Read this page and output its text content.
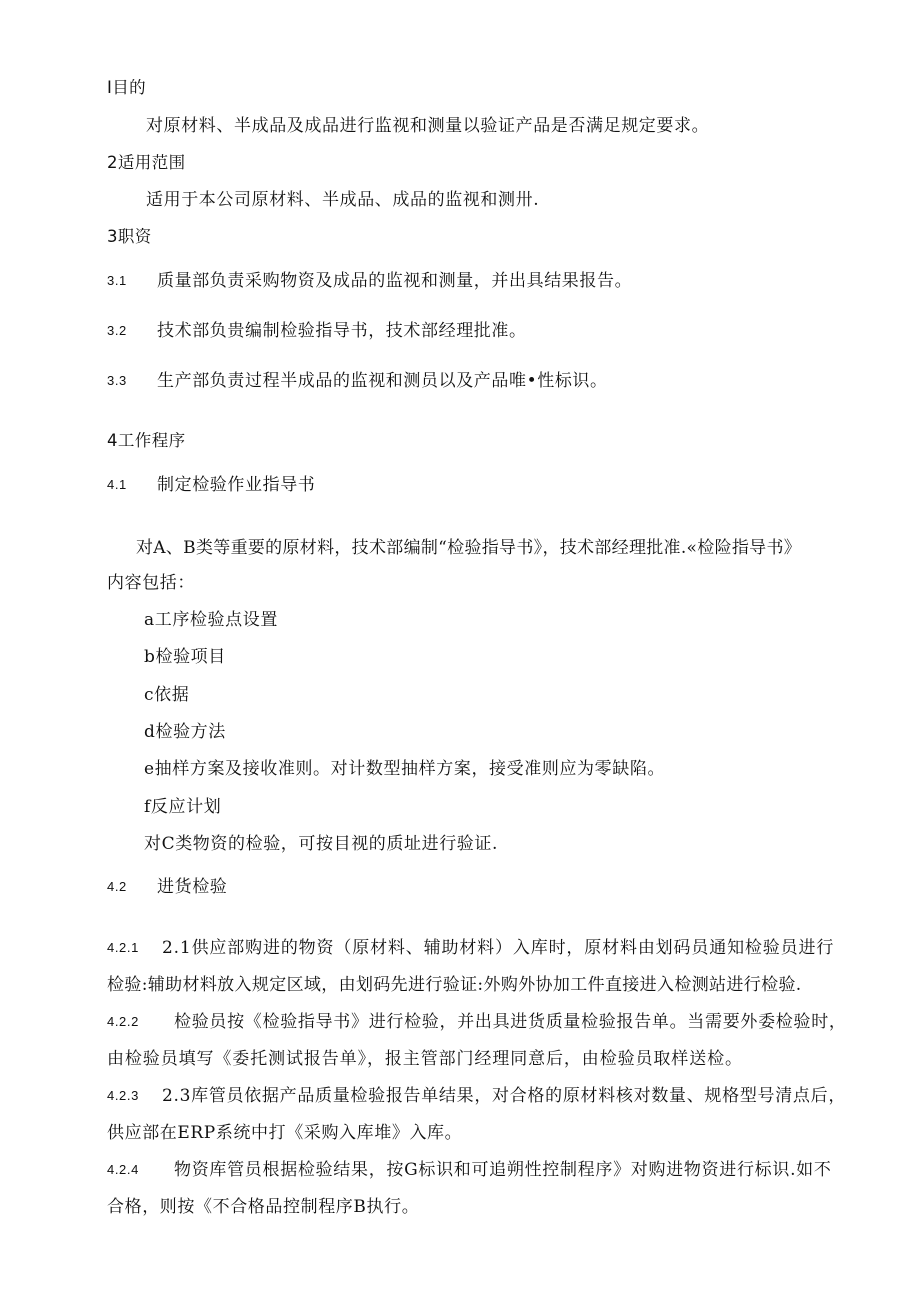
I目的
对原材料、半成品及成品进行监视和测量以验证产品是否满足规定要求。
2适用范围
适用于本公司原材料、半成品、成品的监视和测卅.
3职资
3.1 质量部负责采购物资及成品的监视和测量，并出具结果报告。
3.2 技术部负贵编制检验指导书，技术部经理批准。
3.3 生产部负责过程半成品的监视和测员以及产品唯•性标识。
4工作程序
4.1 制定检验作业指导书
对A、B类等重要的原材料，技术部编制“检验指导书》，技术部经理批准.«检险指导书》
内容包括：
a工序检验点设置
b检验项目
c依据
d检验方法
e抽样方案及接收准则。对计数型抽样方案，接受准则应为零缺陷。
f反应计划
对C类物资的检验，可按目视的质址进行验证.
4.2 进货检验
4.2.1 2.1供应部购进的物资（原材料、辅助材料）入库时，原材料由划码员通知检验员进行
检验:辅助材料放入规定区域，由划码先进行验证:外购外协加工件直接进入检测站进行检验.
4.2.2 检验员按《检验指导书》进行检验，并出具进货质量检验报告单。当需要外委检验时，
由检验员填写《委托测试报告单》，报主管部门经理同意后，由检验员取样送检。
4.2.3 2.3库管员依据产品质量检验报告单结果，对合格的原材料核对数量、规格型号清点后，
供应部在ERP系统中打《采购入库堆》入库。
4.2.4 物资库管员根据检验结果，按G标识和可追朔性控制程序》对购进物资进行标识.如不
合格，则按《不合格品控制程序B执行。
